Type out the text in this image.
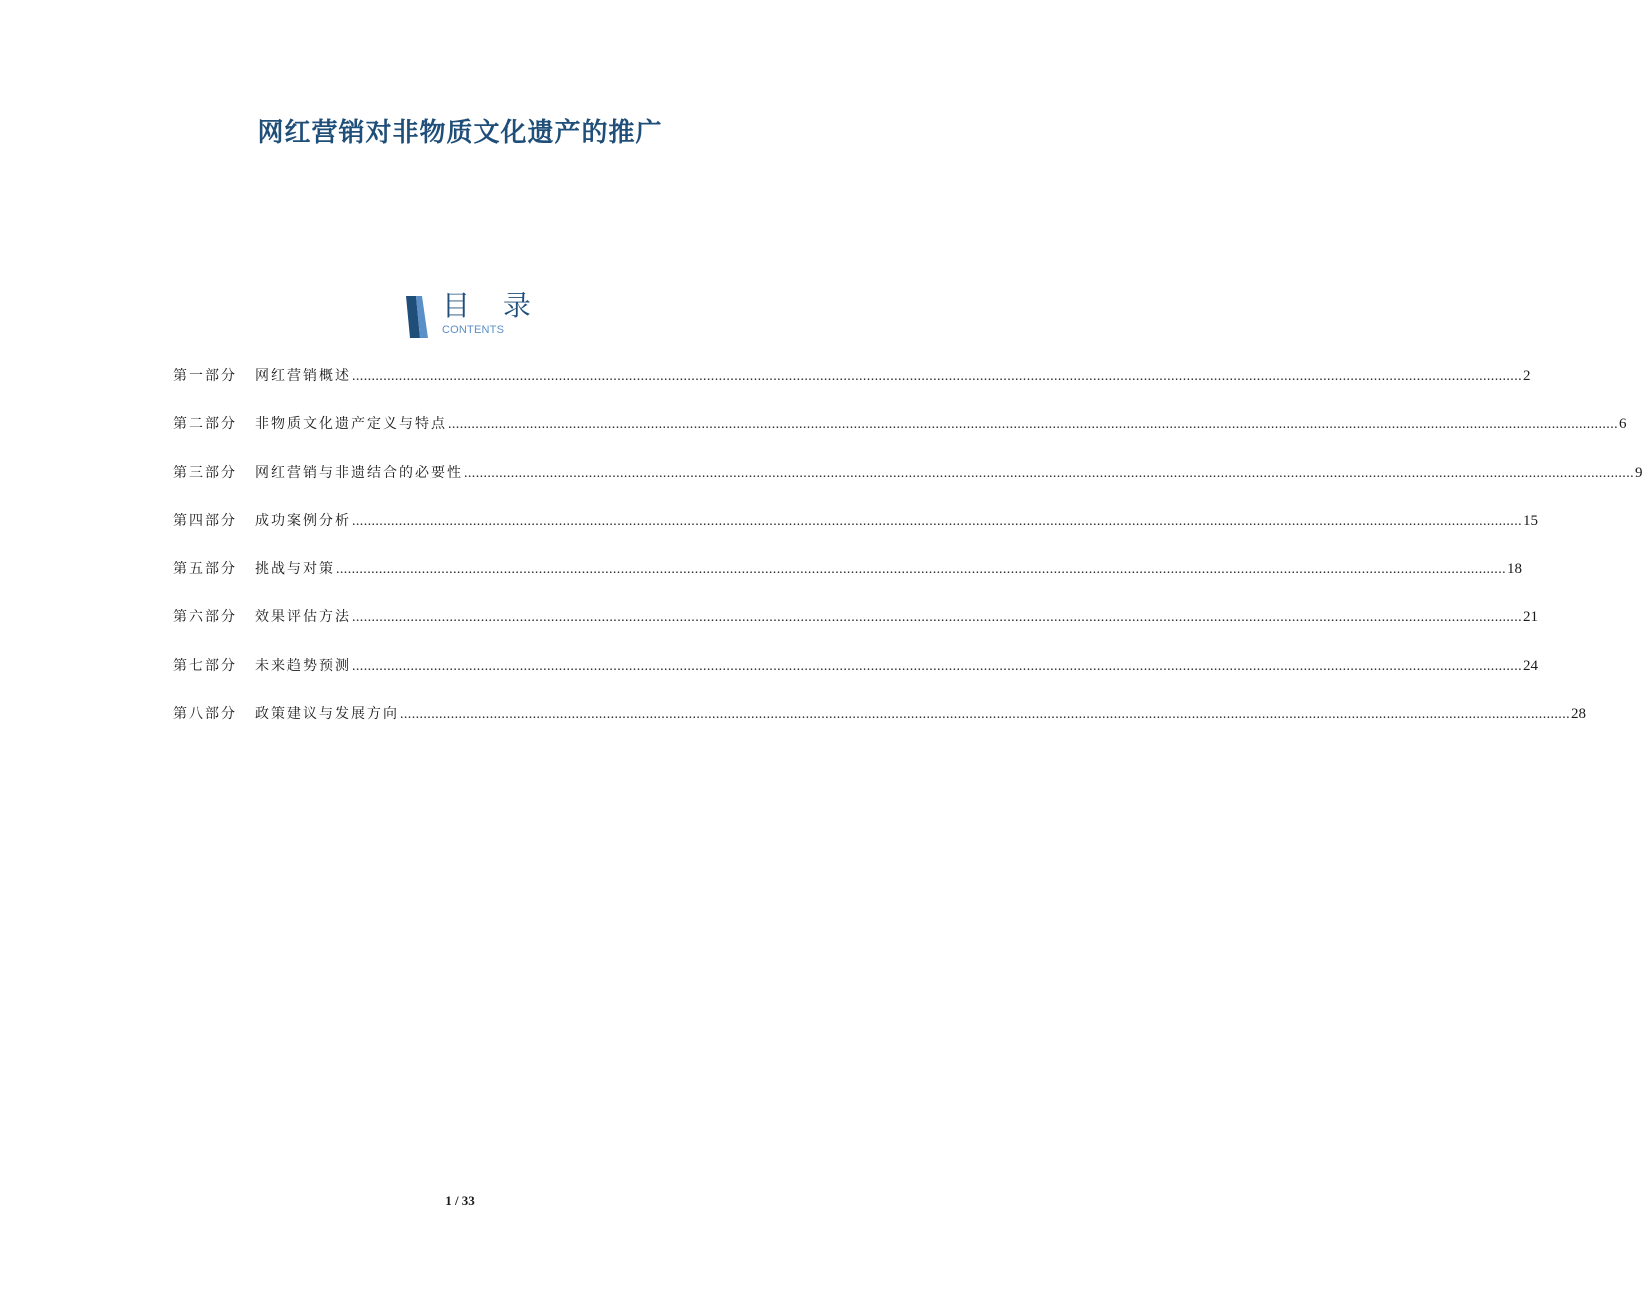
网红营销对非物质文化遗产的推广
目 录
CONTENTS
第一部分	网红营销概述 ............................................................................................................................................................................................................................................................................................................ 2
第二部分	非物质文化遗产定义与特点 ............................................................................................................................................................................................................................................................................................................ 6
第三部分	网红营销与非遗结合的必要性 ............................................................................................................................................................................................................................................................................................................ 9
第四部分	成功案例分析 ............................................................................................................................................................................................................................................................................................................ 15
第五部分	挑战与对策 ............................................................................................................................................................................................................................................................................................................ 18
第六部分	效果评估方法 ............................................................................................................................................................................................................................................................................................................ 21
第七部分	未来趋势预测 ............................................................................................................................................................................................................................................................................................................ 24
第八部分	政策建议与发展方向 ............................................................................................................................................................................................................................................................................................................ 28
1 / 33
